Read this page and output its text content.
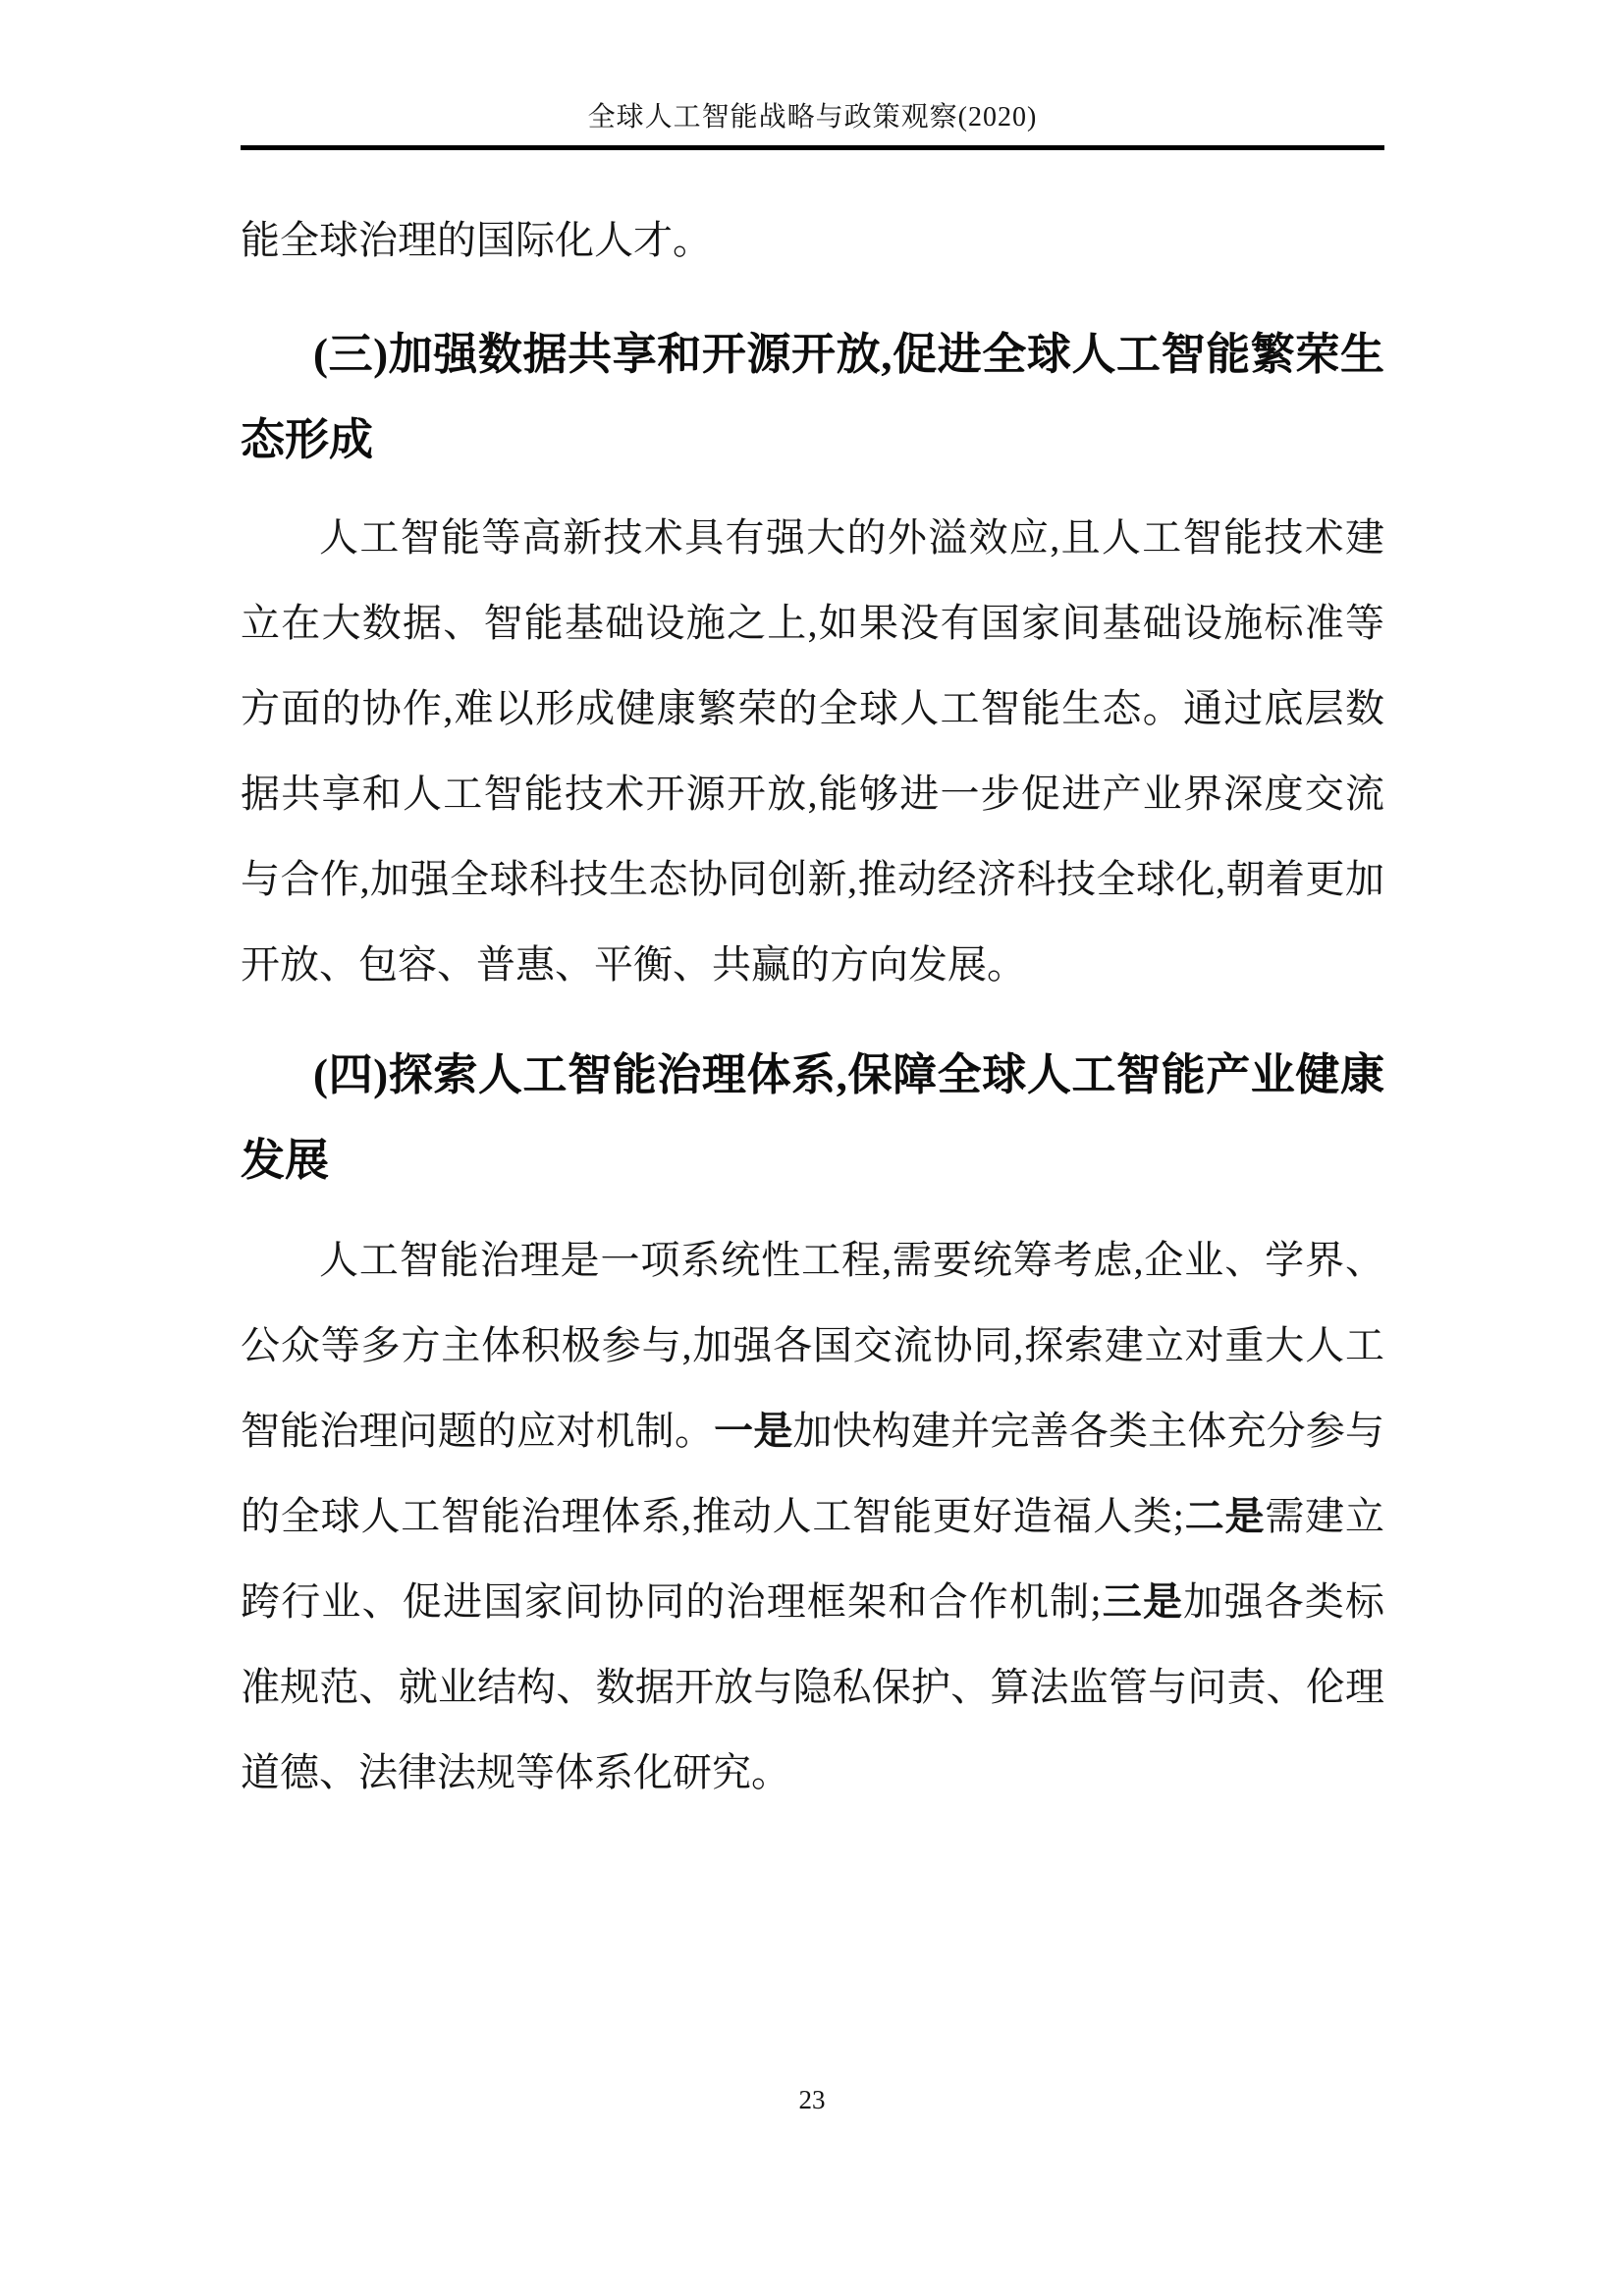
全球人工智能战略与政策观察(2020)

能全球治理的国际化人才。

(三)加强数据共享和开源开放,促进全球人工智能繁荣生态形成

人工智能等高新技术具有强大的外溢效应,且人工智能技术建立在大数据、智能基础设施之上,如果没有国家间基础设施标准等方面的协作,难以形成健康繁荣的全球人工智能生态。通过底层数据共享和人工智能技术开源开放,能够进一步促进产业界深度交流与合作,加强全球科技生态协同创新,推动经济科技全球化,朝着更加开放、包容、普惠、平衡、共赢的方向发展。

(四)探索人工智能治理体系,保障全球人工智能产业健康发展

人工智能治理是一项系统性工程,需要统筹考虑,企业、学界、公众等多方主体积极参与,加强各国交流协同,探索建立对重大人工智能治理问题的应对机制。一是加快构建并完善各类主体充分参与的全球人工智能治理体系,推动人工智能更好造福人类;二是需建立跨行业、促进国家间协同的治理框架和合作机制;三是加强各类标准规范、就业结构、数据开放与隐私保护、算法监管与问责、伦理道德、法律法规等体系化研究。

23
